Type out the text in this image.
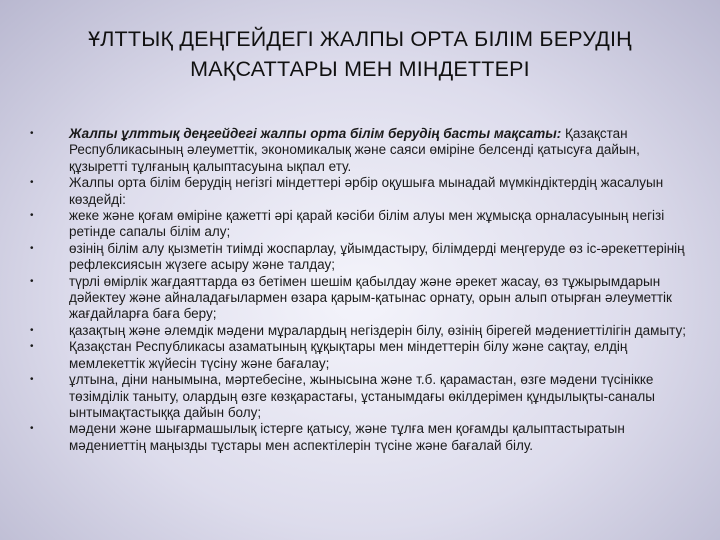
ҰЛТТЫҚ ДЕҢГЕЙДЕГІ ЖАЛПЫ ОРТА БІЛІМ БЕРУДІҢ
МАҚСАТТАРЫ МЕН МІНДЕТТЕРІ
•	Жалпы ұлттық деңгейдегі жалпы орта білім берудің басты мақсаты: Қазақстан Республикасының әлеуметтік, экономикалық және саяси өміріне белсенді қатысуға дайын, құзыретті тұлғаның қалыптасуына ықпал ету.
•	Жалпы орта білім берудің негізгі міндеттері әрбір оқушыға мынадай мүмкіндіктердің жасалуын көздейді:
•	жеке және қоғам өміріне қажетті әрі қарай кәсіби білім алуы мен жұмысқа орналасуының негізі ретінде сапалы білім алу;
•	өзінің білім алу қызметін тиімді жоспарлау, ұйымдастыру, білімдерді меңгеруде өз іс-әрекеттерінің рефлексиясын жүзеге асыру және талдау;
•	түрлі өмірлік жағдаяттарда өз бетімен шешім қабылдау және әрекет жасау, өз тұжырымдарын дәйектеу және айналадағылармен өзара қарым-қатынас орнату, орын алып отырған әлеуметтік жағдайларға баға беру;
•	қазақтың және әлемдік мәдени мұралардың негіздерін білу, өзінің бірегей мәдениеттілігін дамыту;
•	Қазақстан Республикасы азаматының құқықтары мен міндеттерін білу және сақтау, елдің мемлекеттік жүйесін түсіну және бағалау;
•	ұлтына, діни нанымына, мәртебесіне, жынысына және т.б. қарамастан, өзге мәдени түсінікке төзімділік таныту, олардың өзге көзқарастағы, ұстанымдағы өкілдерімен құндылықты-саналы ынтымақтастыққа дайын болу;
•	мәдени және шығармашылық істерге қатысу, және тұлға мен қоғамды қалыптастыратын мәдениеттің маңызды тұстары мен аспектілерін түсіне және бағалай білу.
